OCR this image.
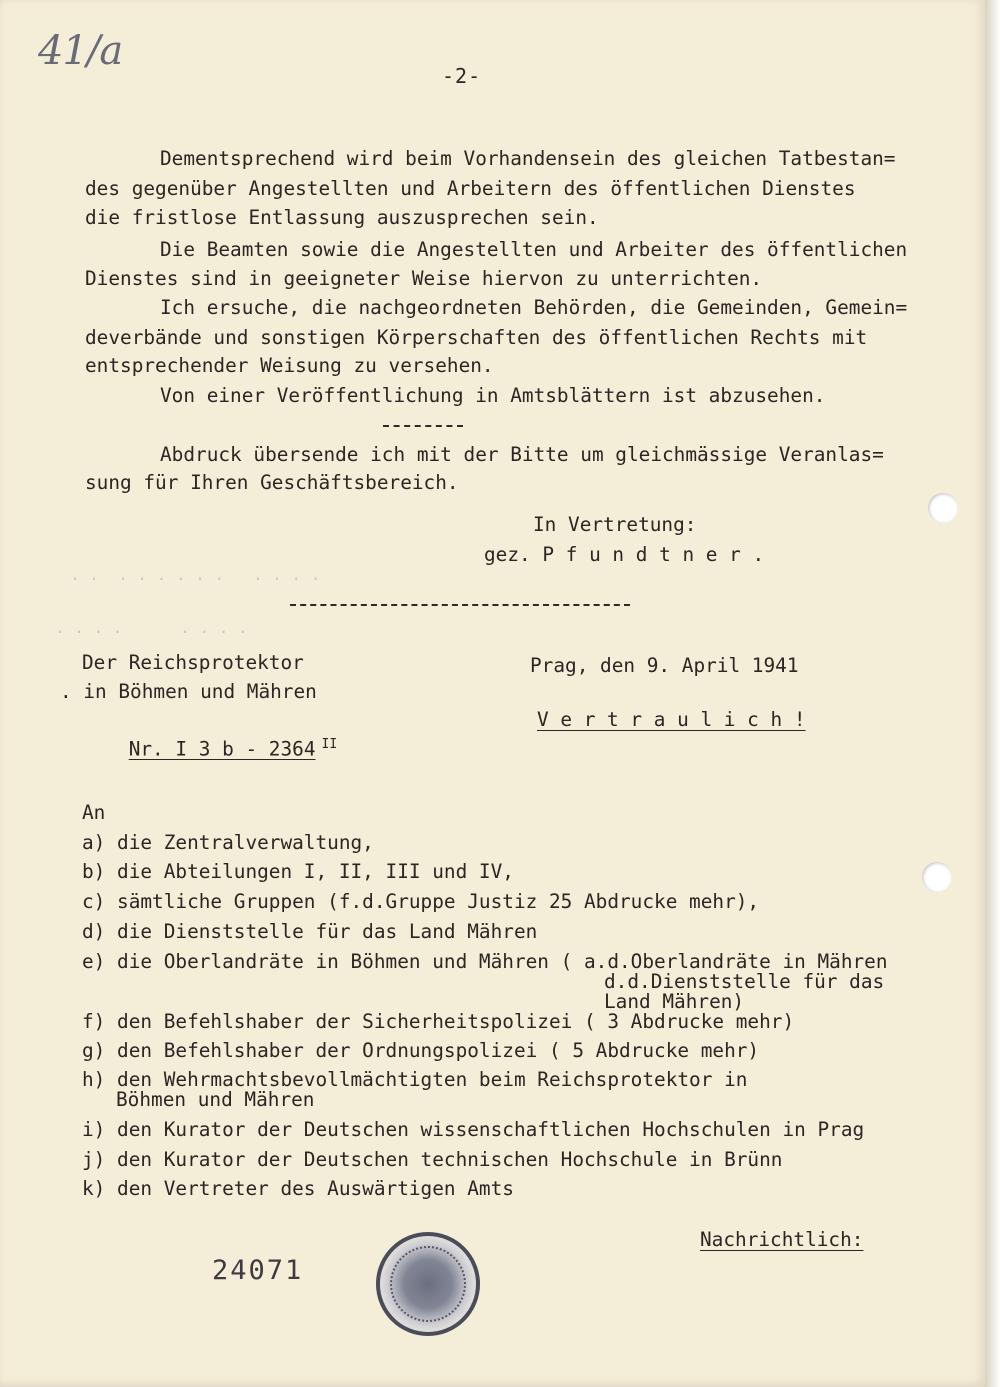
41/a
-2-
Dementsprechend wird beim Vorhandensein des gleichen Tatbestan=
des gegenüber Angestellten und Arbeitern des öffentlichen Dienstes
die fristlose Entlassung auszusprechen sein.
Die Beamten sowie die Angestellten und Arbeiter des öffentlichen
Dienstes sind in geeigneter Weise hiervon zu unterrichten.
Ich ersuche, die nachgeordneten Behörden, die Gemeinden, Gemein=
deverbände und sonstigen Körperschaften des öffentlichen Rechts mit
entsprechender Weisung zu versehen.
Von einer Veröffentlichung in Amtsblättern ist abzusehen.
Abdruck übersende ich mit der Bitte um gleichmässige Veranlas=
sung für Ihren Geschäftsbereich.
In Vertretung:
gez. P f u n d t n e r .
. .  . . . . . .   . . . .
. . . .      . . . .
Der Reichsprotektor
. in Böhmen und Mähren

Nr. I 3 b - 2364 $^{II}$

Prag, den 9. April 1941
V e r t r a u l i c h !
An
a) die Zentralverwaltung,
b) die Abteilungen I, II, III und IV,
c) sämtliche Gruppen (f.d.Gruppe Justiz 25 Abdrucke mehr),
d) die Dienststelle für das Land Mähren
e) die Oberlandräte in Böhmen und Mähren ( a.d.Oberlandräte in Mähren
d.d.Dienststelle für das
Land Mähren)
f) den Befehlshaber der Sicherheitspolizei ( 3 Abdrucke mehr)
g) den Befehlshaber der Ordnungspolizei ( 5 Abdrucke mehr)
h) den Wehrmachtsbevollmächtigten beim Reichsprotektor in
Böhmen und Mähren
i) den Kurator der Deutschen wissenschaftlichen Hochschulen in Prag
j) den Kurator der Deutschen technischen Hochschule in Brünn
k) den Vertreter des Auswärtigen Amts
Nachrichtlich:
24071
